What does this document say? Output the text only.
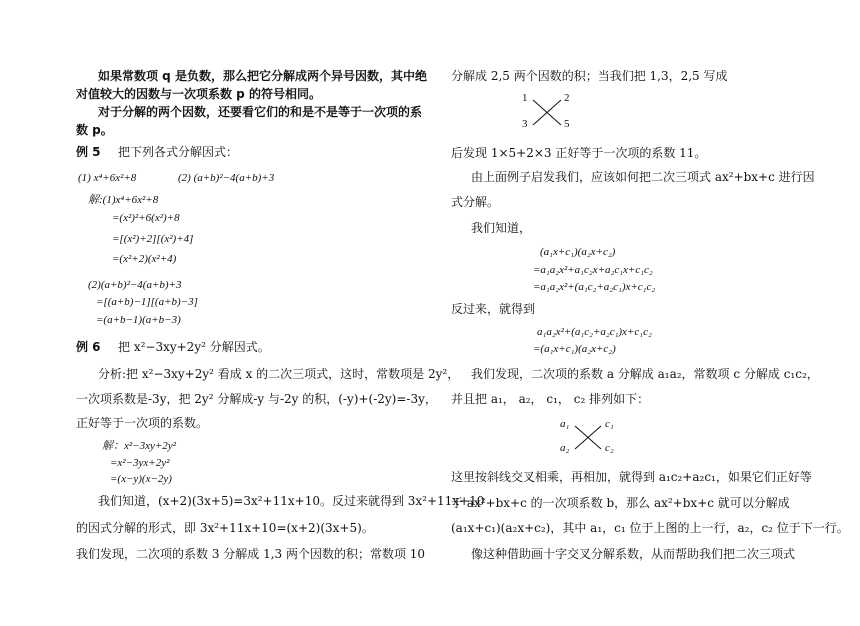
如果常数项 q 是负数，那么把它分解成两个异号因数，其中绝
对值较大的因数与一次项系数 p 的符号相同。
对于分解的两个因数，还要看它们的和是不是等于一次项的系
数 p。
例 5 把下列各式分解因式：
(1) x⁴+6x²+8	(2) (a+b)²−4(a+b)+3
解:(1)x⁴+6x²+8
=(x²)²+6(x²)+8
=[(x²)+2][(x²)+4]
=(x²+2)(x²+4)
(2)(a+b)²−4(a+b)+3
=[(a+b)−1][(a+b)−3]
=(a+b−1)(a+b−3)
例 6 把 x²−3xy+2y² 分解因式。
分析:把 x²−3xy+2y² 看成 x 的二次三项式，这时，常数项是 2y²，
一次项系数是-3y，把 2y² 分解成-y 与-2y 的积，(-y)+(-2y)=-3y，
正好等于一次项的系数。
解：x²−3xy+2y²
=x²−3yx+2y²
=(x−y)(x−2y)
我们知道，(x+2)(3x+5)=3x²+11x+10。反过来就得到 3x²+11x+10
的因式分解的形式，即 3x²+11x+10=(x+2)(3x+5)。
我们发现，二次项的系数 3 分解成 1,3 两个因数的积；常数项 10
分解成 2,5 两个因数的积；当我们把 1,3，2,5 写成
1	2
3	5
后发现 1×5+2×3 正好等于一次项的系数 11。
由上面例子启发我们，应该如何把二次三项式 ax²+bx+c 进行因
式分解。
我们知道，
(a₁x+c₁)(a₂x+c₂)
=a₁a₂x²+a₁c₂x+a₂c₁x+c₁c₂
=a₁a₂x²+(a₁c₂+a₂c₁)x+c₁c₂
反过来，就得到
a₁a₂x²+(a₁c₂+a₂c₁)x+c₁c₂
=(a₁x+c₁)(a₂x+c₂)
我们发现，二次项的系数 a 分解成 a₁a₂，常数项 c 分解成 c₁c₂，
并且把 a₁， a₂， c₁， c₂ 排列如下：
a₁	c₁
a₂	c₂
这里按斜线交叉相乘，再相加，就得到 a₁c₂+a₂c₁，如果它们正好等
于 ax²+bx+c 的一次项系数 b，那么 ax²+bx+c 就可以分解成
(a₁x+c₁)(a₂x+c₂)，其中 a₁，c₁ 位于上图的上一行，a₂，c₂ 位于下一行。
像这种借助画十字交叉分解系数，从而帮助我们把二次三项式
